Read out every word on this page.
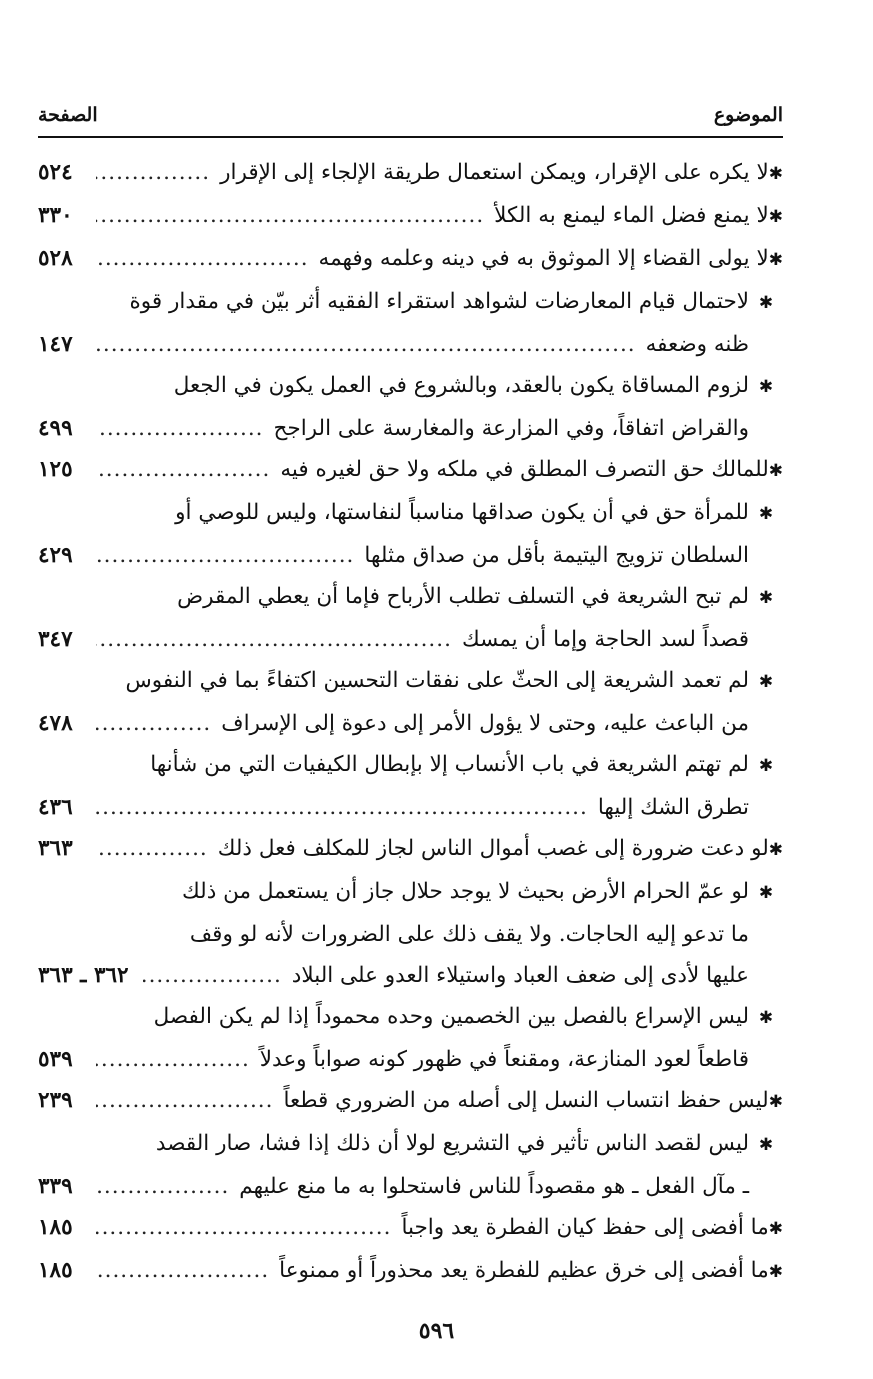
الموضوع
الصفحة
✱
لا يكره على الإقرار، ويمكن استعمال طريقة الإلجاء إلى الإقرار
.....
٥٢٤
✱
لا يمنع فضل الماء ليمنع به الكلأ
.....
٣٣٠
✱
لا يولى القضاء إلا الموثوق به في دينه وعلمه وفهمه
.....
٥٢٨
✱
لاحتمال قيام المعارضات لشواهد استقراء الفقيه أثر بيّن في مقدار قوة
ظنه وضعفه
.....
١٤٧
✱
لزوم المساقاة يكون بالعقد، وبالشروع في العمل يكون في الجعل
والقراض اتفاقاً، وفي المزارعة والمغارسة على الراجح
.....
٤٩٩
✱
للمالك حق التصرف المطلق في ملكه ولا حق لغيره فيه
.....
١٢٥
✱
للمرأة حق في أن يكون صداقها مناسباً لنفاستها، وليس للوصي أو
السلطان تزويج اليتيمة بأقل من صداق مثلها
.....
٤٢٩
✱
لم تبح الشريعة في التسلف تطلب الأرباح فإما أن يعطي المقرض
قصداً لسد الحاجة وإما أن يمسك
.....
٣٤٧
✱
لم تعمد الشريعة إلى الحثّ على نفقات التحسين اكتفاءً بما في النفوس
من الباعث عليه، وحتى لا يؤول الأمر إلى دعوة إلى الإسراف
.....
٤٧٨
✱
لم تهتم الشريعة في باب الأنساب إلا بإبطال الكيفيات التي من شأنها
تطرق الشك إليها
.....
٤٣٦
✱
لو دعت ضرورة إلى غصب أموال الناس لجاز للمكلف فعل ذلك
.....
٣٦٣
✱
لو عمّ الحرام الأرض بحيث لا يوجد حلال جاز أن يستعمل من ذلك
ما تدعو إليه الحاجات. ولا يقف ذلك على الضرورات لأنه لو وقف
عليها لأدى إلى ضعف العباد واستيلاء العدو على البلاد
.....
٣٦٢ ـ ٣٦٣
✱
ليس الإسراع بالفصل بين الخصمين وحده محموداً إذا لم يكن الفصل
قاطعاً لعود المنازعة، ومقنعاً في ظهور كونه صواباً وعدلاً
.....
٥٣٩
✱
ليس حفظ انتساب النسل إلى أصله من الضروري قطعاً
.....
٢٣٩
✱
ليس لقصد الناس تأثير في التشريع لولا أن ذلك إذا فشا، صار القصد
ـ مآل الفعل ـ هو مقصوداً للناس فاستحلوا به ما منع عليهم
.....
٣٣٩
✱
ما أفضى إلى حفظ كيان الفطرة يعد واجباً
.....
١٨٥
✱
ما أفضى إلى خرق عظيم للفطرة يعد محذوراً أو ممنوعاً
.....
١٨٥
٥٩٦
